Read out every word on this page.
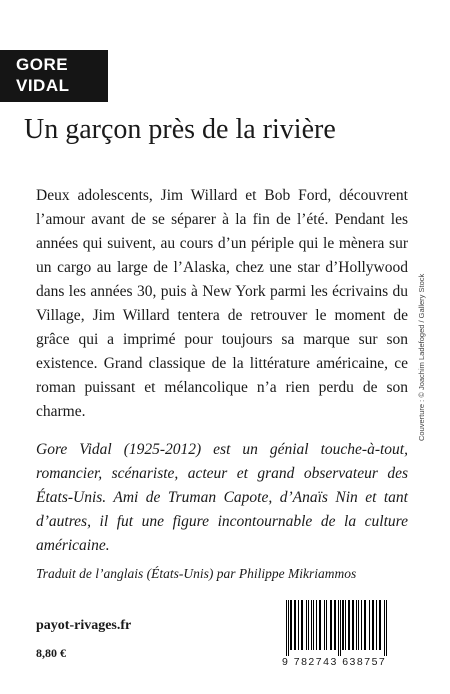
GORE
VIDAL
Un garçon près de la rivière

Deux adolescents, Jim Willard et Bob Ford, découvrent l’amour avant de se séparer à la fin de l’été. Pendant les années qui suivent, au cours d’un périple qui le mènera sur un cargo au large de l’Alaska, chez une star d’Hollywood dans les années 30, puis à New York parmi les écrivains du Village, Jim Willard tentera de retrouver le moment de grâce qui a imprimé pour toujours sa marque sur son existence. Grand classique de la littérature américaine, ce roman puissant et mélancolique n’a rien perdu de son charme.

Gore Vidal (1925-2012) est un génial touche-à-tout, romancier, scénariste, acteur et grand observateur des États-Unis. Ami de Truman Capote, d’Anaïs Nin et tant d’autres, il fut une figure incontournable de la culture américaine.

Couverture : © Joachim Ladefoged / Gallery Stock
Traduit de l’anglais (États-Unis) par Philippe Mikriammos
payot-rivages.fr
8,80 €
9 782743 638757
